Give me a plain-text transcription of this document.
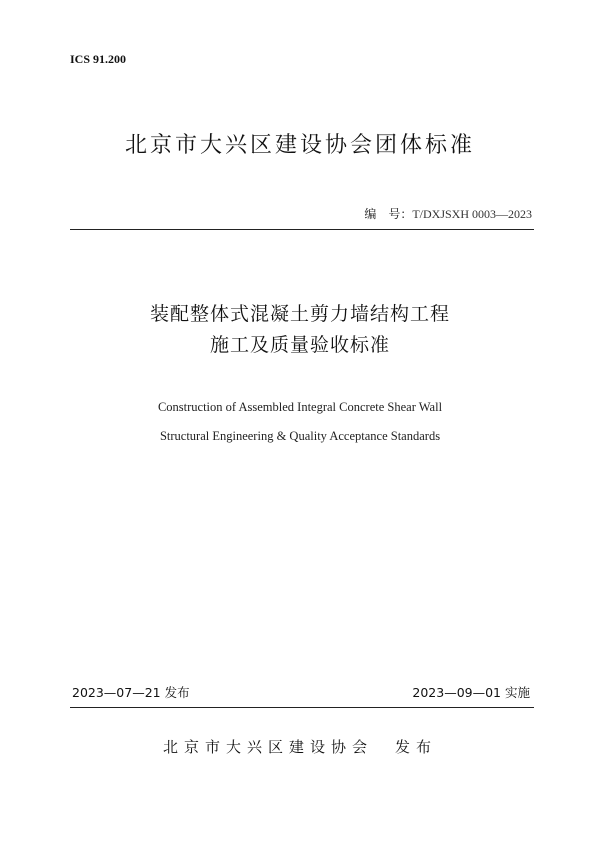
ICS 91.200
北京市大兴区建设协会团体标准
编　号：T/DXJSXH 0003—2023
装配整体式混凝土剪力墙结构工程
施工及质量验收标准
Construction of Assembled Integral Concrete Shear Wall
Structural Engineering & Quality Acceptance Standards
2023—07—21 发布	2023—09—01 实施
北京市大兴区建设协会 发布
